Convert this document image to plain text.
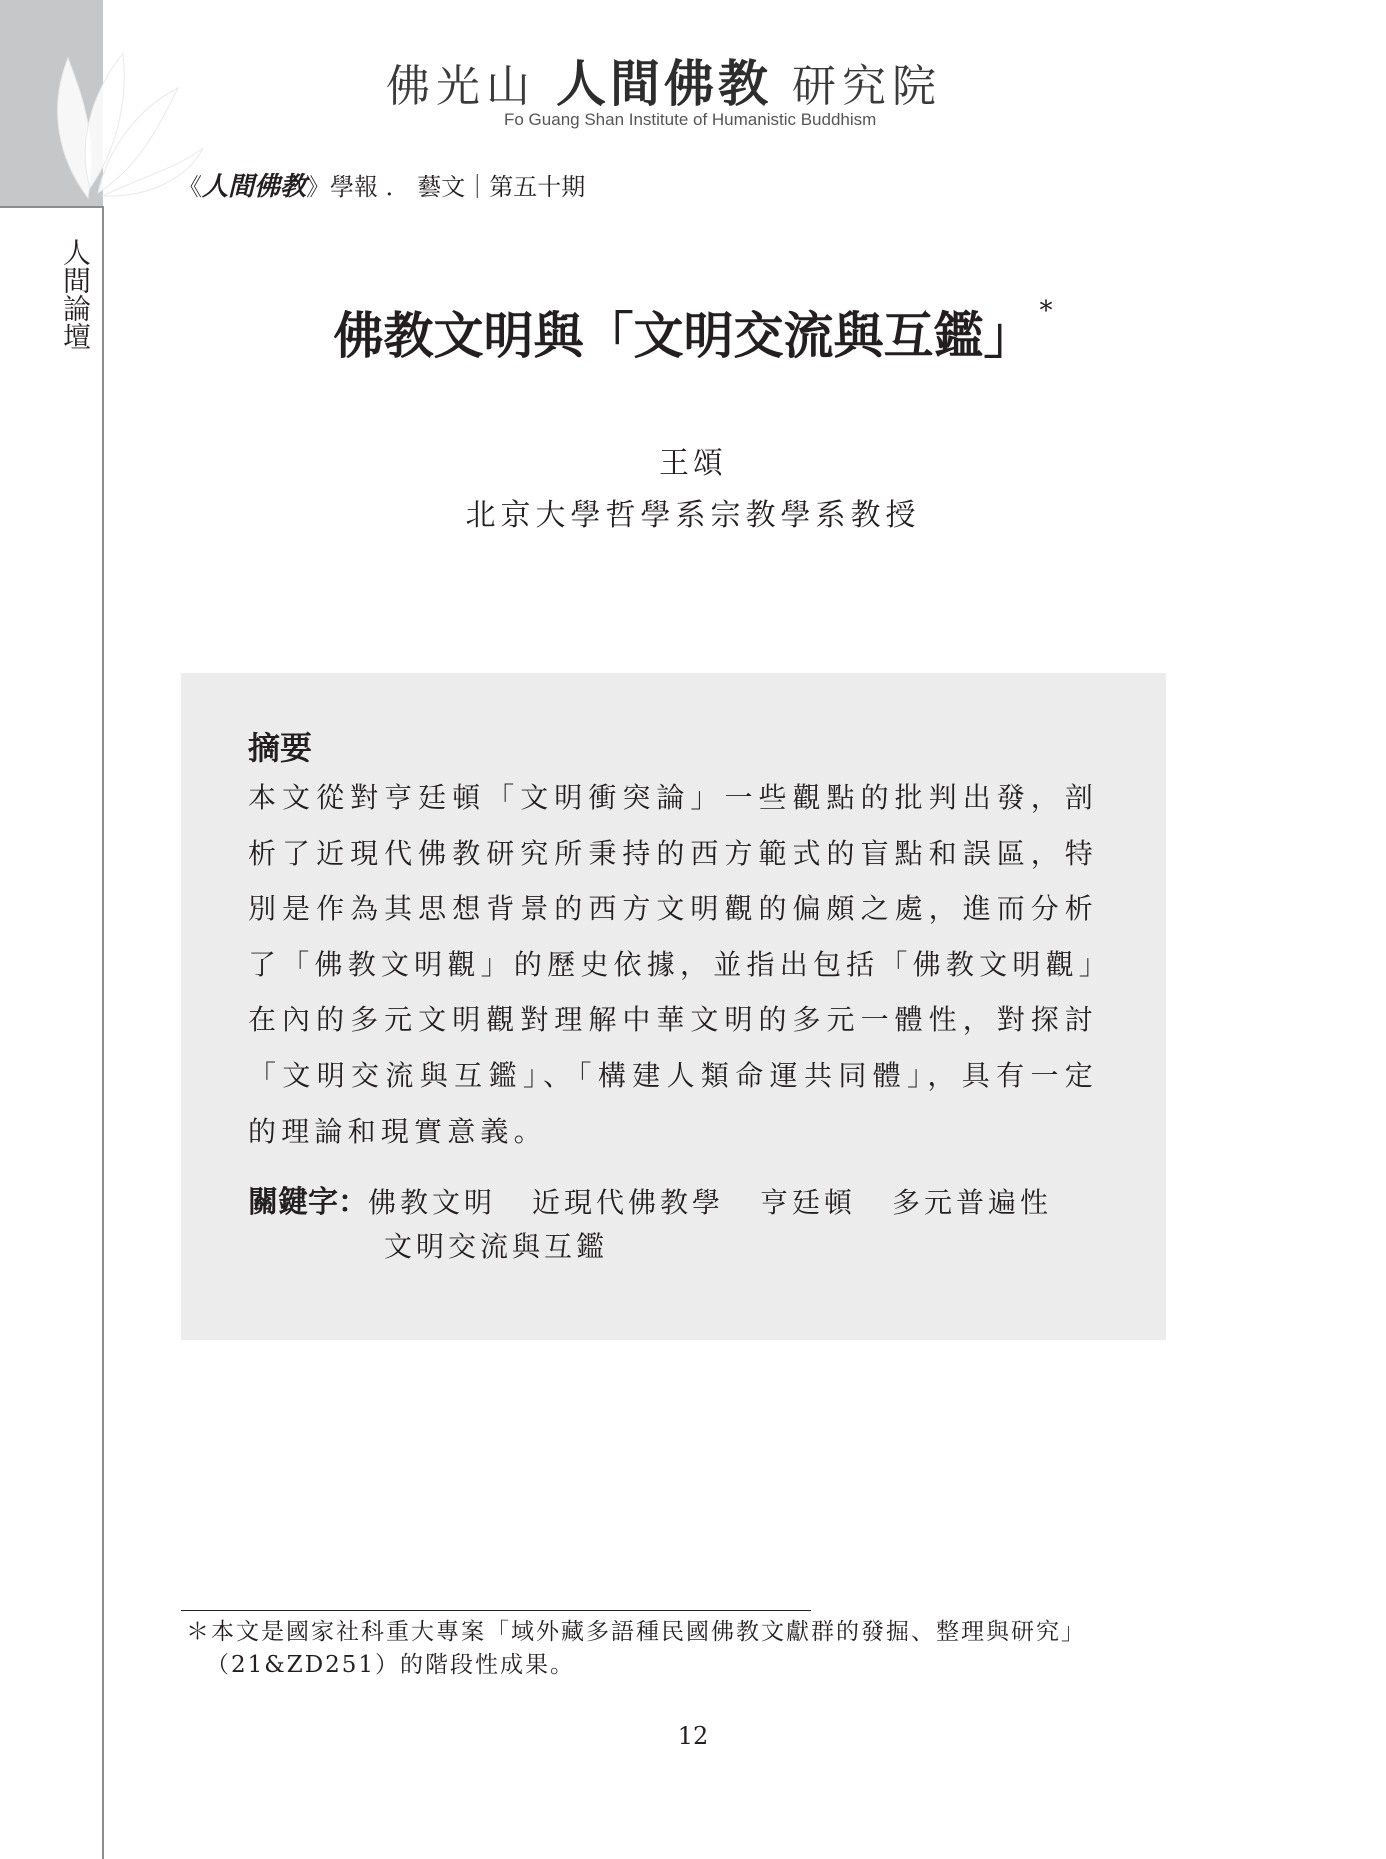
人間論壇
佛光山 人間佛教 研究院
Fo Guang Shan Institute of Humanistic Buddhism
《人間佛教》學報 ． 藝文｜第五十期
佛教文明與「文明交流與互鑑」 *
王頌
北京大學哲學系宗教學系教授
摘要
本文從對亨廷頓「文明衝突論」一些觀點的批判出發，剖析了近現代佛教研究所秉持的西方範式的盲點和誤區，特別是作為其思想背景的西方文明觀的偏頗之處，進而分析了「佛教文明觀」的歷史依據，並指出包括「佛教文明觀」在內的多元文明觀對理解中華文明的多元一體性，對探討「文明交流與互鑑」、「構建人類命運共同體」，具有一定的理論和現實意義。
關鍵字：佛教文明 近現代佛教學 亨廷頓 多元普遍性
文明交流與互鑑
＊本文是國家社科重大專案「域外藏多語種民國佛教文獻群的發掘、整理與研究」
（21&ZD251）的階段性成果。
12
